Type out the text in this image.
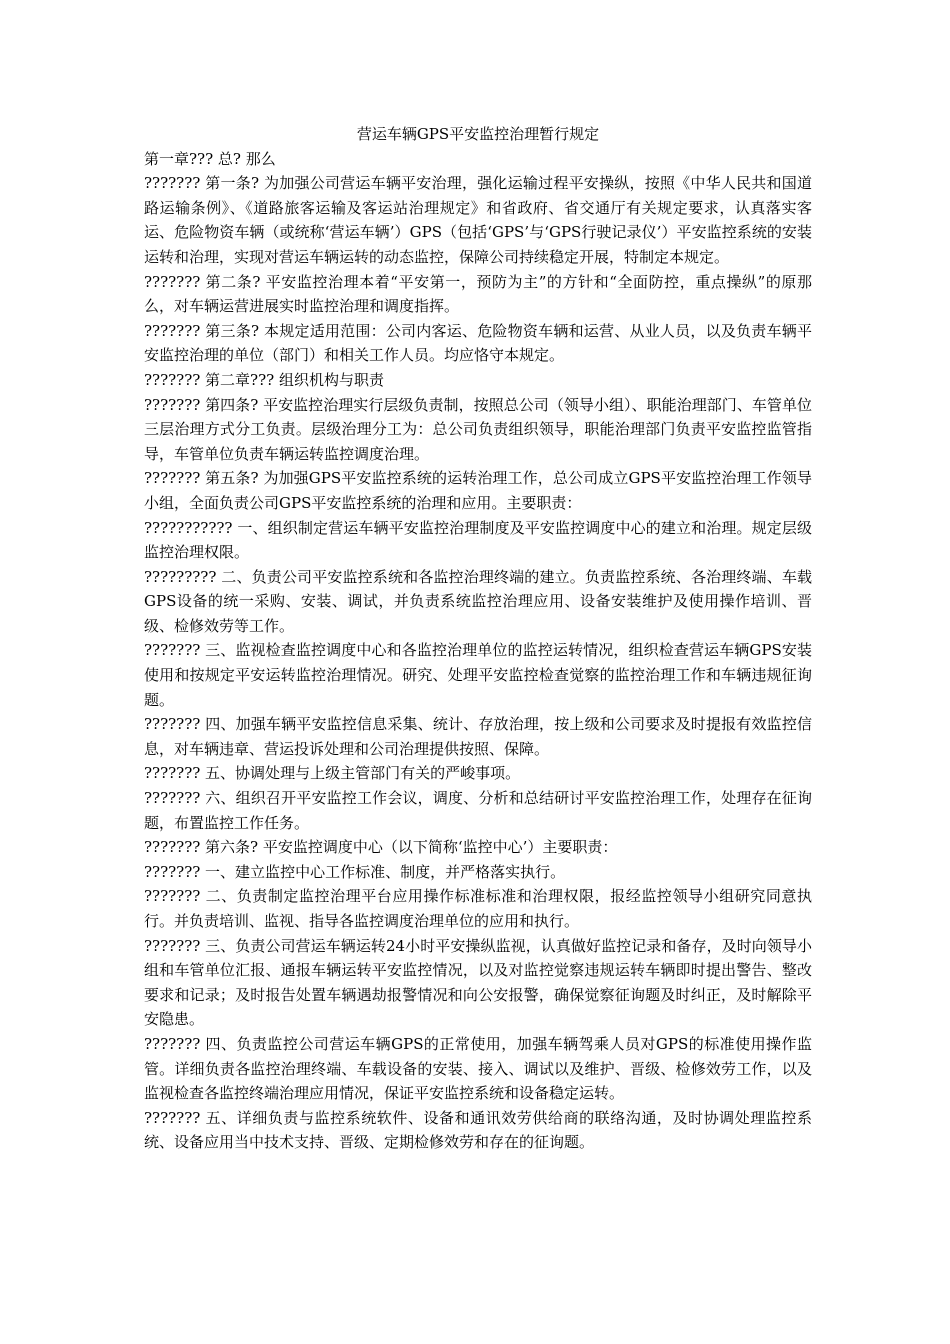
营运车辆GPS平安监控治理暂行规定

第一章??? 总? 那么

??????? 第一条? 为加强公司营运车辆平安治理，强化运输过程平安操纵，按照《中华人民共和国道路运输条例》、《道路旅客运输及客运站治理规定》和省政府、省交通厅有关规定要求，认真落实客运、危险物资车辆（或统称‘营运车辆’）GPS（包括‘GPS’与‘GPS行驶记录仪’）平安监控系统的安装运转和治理，实现对营运车辆运转的动态监控，保障公司持续稳定开展，特制定本规定。

??????? 第二条? 平安监控治理本着“平安第一，预防为主”的方针和“全面防控，重点操纵”的原那么，对车辆运营进展实时监控治理和调度指挥。

??????? 第三条? 本规定适用范围：公司内客运、危险物资车辆和运营、从业人员，以及负责车辆平安监控治理的单位（部门）和相关工作人员。均应恪守本规定。

??????? 第二章??? 组织机构与职责

??????? 第四条? 平安监控治理实行层级负责制，按照总公司（领导小组）、职能治理部门、车管单位三层治理方式分工负责。层级治理分工为：总公司负责组织领导，职能治理部门负责平安监控监管指导，车管单位负责车辆运转监控调度治理。

??????? 第五条? 为加强GPS平安监控系统的运转治理工作，总公司成立GPS平安监控治理工作领导小组，全面负责公司GPS平安监控系统的治理和应用。主要职责：

??????????? 一、组织制定营运车辆平安监控治理制度及平安监控调度中心的建立和治理。规定层级监控治理权限。

????????? 二、负责公司平安监控系统和各监控治理终端的建立。负责监控系统、各治理终端、车载GPS设备的统一采购、安装、调试，并负责系统监控治理应用、设备安装维护及使用操作培训、晋级、检修效劳等工作。

??????? 三、监视检查监控调度中心和各监控治理单位的监控运转情况，组织检查营运车辆GPS安装使用和按规定平安运转监控治理情况。研究、处理平安监控检查觉察的监控治理工作和车辆违规征询题。

??????? 四、加强车辆平安监控信息采集、统计、存放治理，按上级和公司要求及时提报有效监控信息，对车辆违章、营运投诉处理和公司治理提供按照、保障。

??????? 五、协调处理与上级主管部门有关的严峻事项。

??????? 六、组织召开平安监控工作会议，调度、分析和总结研讨平安监控治理工作，处理存在征询题，布置监控工作任务。

??????? 第六条? 平安监控调度中心（以下简称‘监控中心’）主要职责：

??????? 一、建立监控中心工作标准、制度，并严格落实执行。

??????? 二、负责制定监控治理平台应用操作标准标准和治理权限，报经监控领导小组研究同意执行。并负责培训、监视、指导各监控调度治理单位的应用和执行。

??????? 三、负责公司营运车辆运转24小时平安操纵监视，认真做好监控记录和备存，及时向领导小组和车管单位汇报、通报车辆运转平安监控情况，以及对监控觉察违规运转车辆即时提出警告、整改要求和记录；及时报告处置车辆遇劫报警情况和向公安报警，确保觉察征询题及时纠正，及时解除平安隐患。

??????? 四、负责监控公司营运车辆GPS的正常使用，加强车辆驾乘人员对GPS的标准使用操作监管。详细负责各监控治理终端、车载设备的安装、接入、调试以及维护、晋级、检修效劳工作，以及监视检查各监控终端治理应用情况，保证平安监控系统和设备稳定运转。

??????? 五、详细负责与监控系统软件、设备和通讯效劳供给商的联络沟通，及时协调处理监控系统、设备应用当中技术支持、晋级、定期检修效劳和存在的征询题。
